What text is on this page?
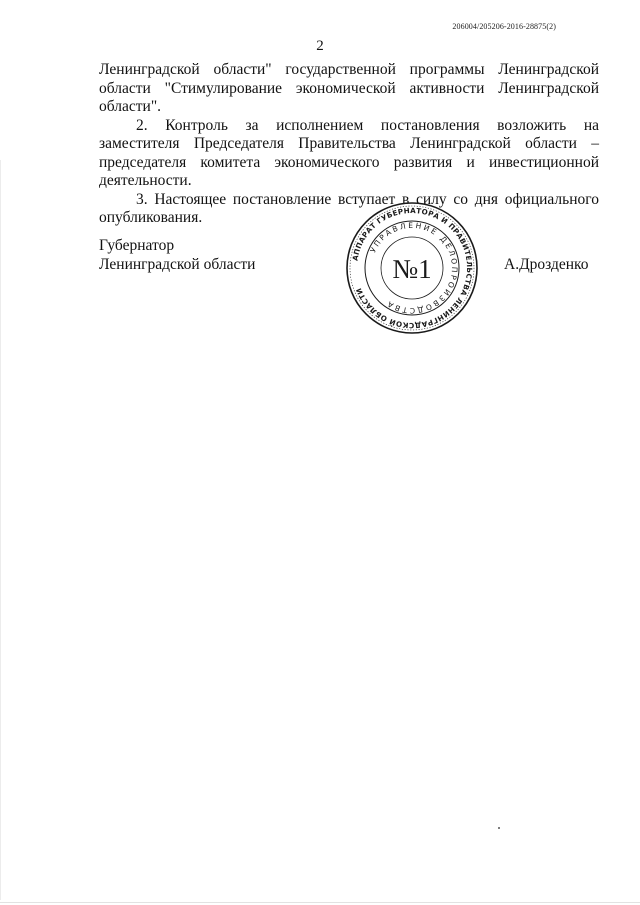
206004/205206-2016-28875(2)
2

Ленинградской области" государственной программы Ленинградской области "Стимулирование экономической активности Ленинградской области".

2. Контроль за исполнением постановления возложить на заместителя Председателя Правительства Ленинградской области – председателя комитета экономического развития и инвестиционной деятельности.

3. Настоящее постановление вступает в силу со дня официального опубликования.

Губернатор
Ленинградской области	АППАРАТ ГУБЕРНАТОРА И ПРАВИТЕЛЬСТВА ЛЕНИНГРАДСКОЙ ОБЛАСТИ
УПРАВЛЕНИЕ ДЕЛОПРОИЗВОДСТВА
№1	А.Дрозденко
